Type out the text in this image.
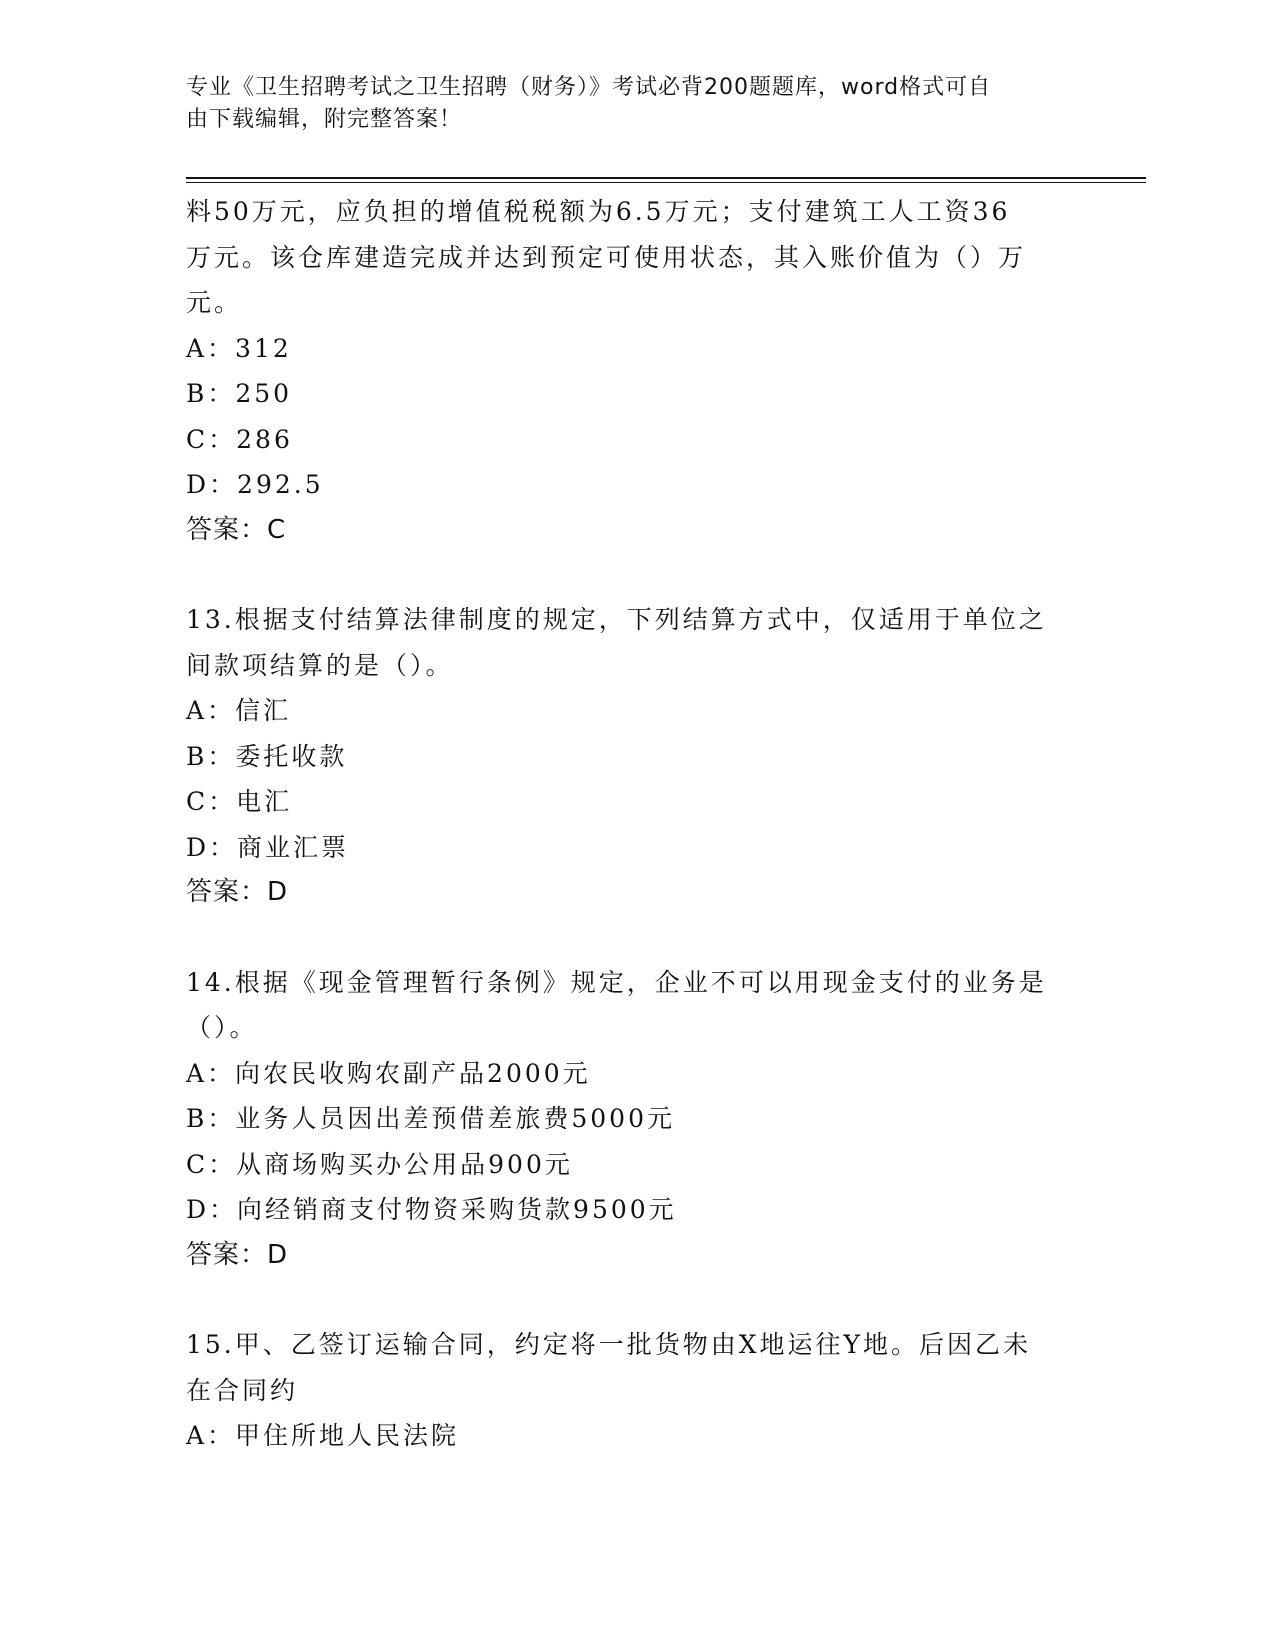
专业《卫生招聘考试之卫生招聘（财务）》考试必背200题题库，word格式可自
由下载编辑，附完整答案！
料50万元，应负担的增值税税额为6.5万元；支付建筑工人工资36
万元。该仓库建造完成并达到预定可使用状态，其入账价值为（）万
元。
A：312
B：250
C：286
D：292.5
答案：C
13.根据支付结算法律制度的规定，下列结算方式中，仅适用于单位之
间款项结算的是（）。
A：信汇
B：委托收款
C：电汇
D：商业汇票
答案：D
14.根据《现金管理暂行条例》规定，企业不可以用现金支付的业务是
（）。
A：向农民收购农副产品2000元
B：业务人员因出差预借差旅费5000元
C：从商场购买办公用品900元
D：向经销商支付物资采购货款9500元
答案：D
15.甲、乙签订运输合同，约定将一批货物由X地运往Y地。后因乙未
在合同约
A：甲住所地人民法院
